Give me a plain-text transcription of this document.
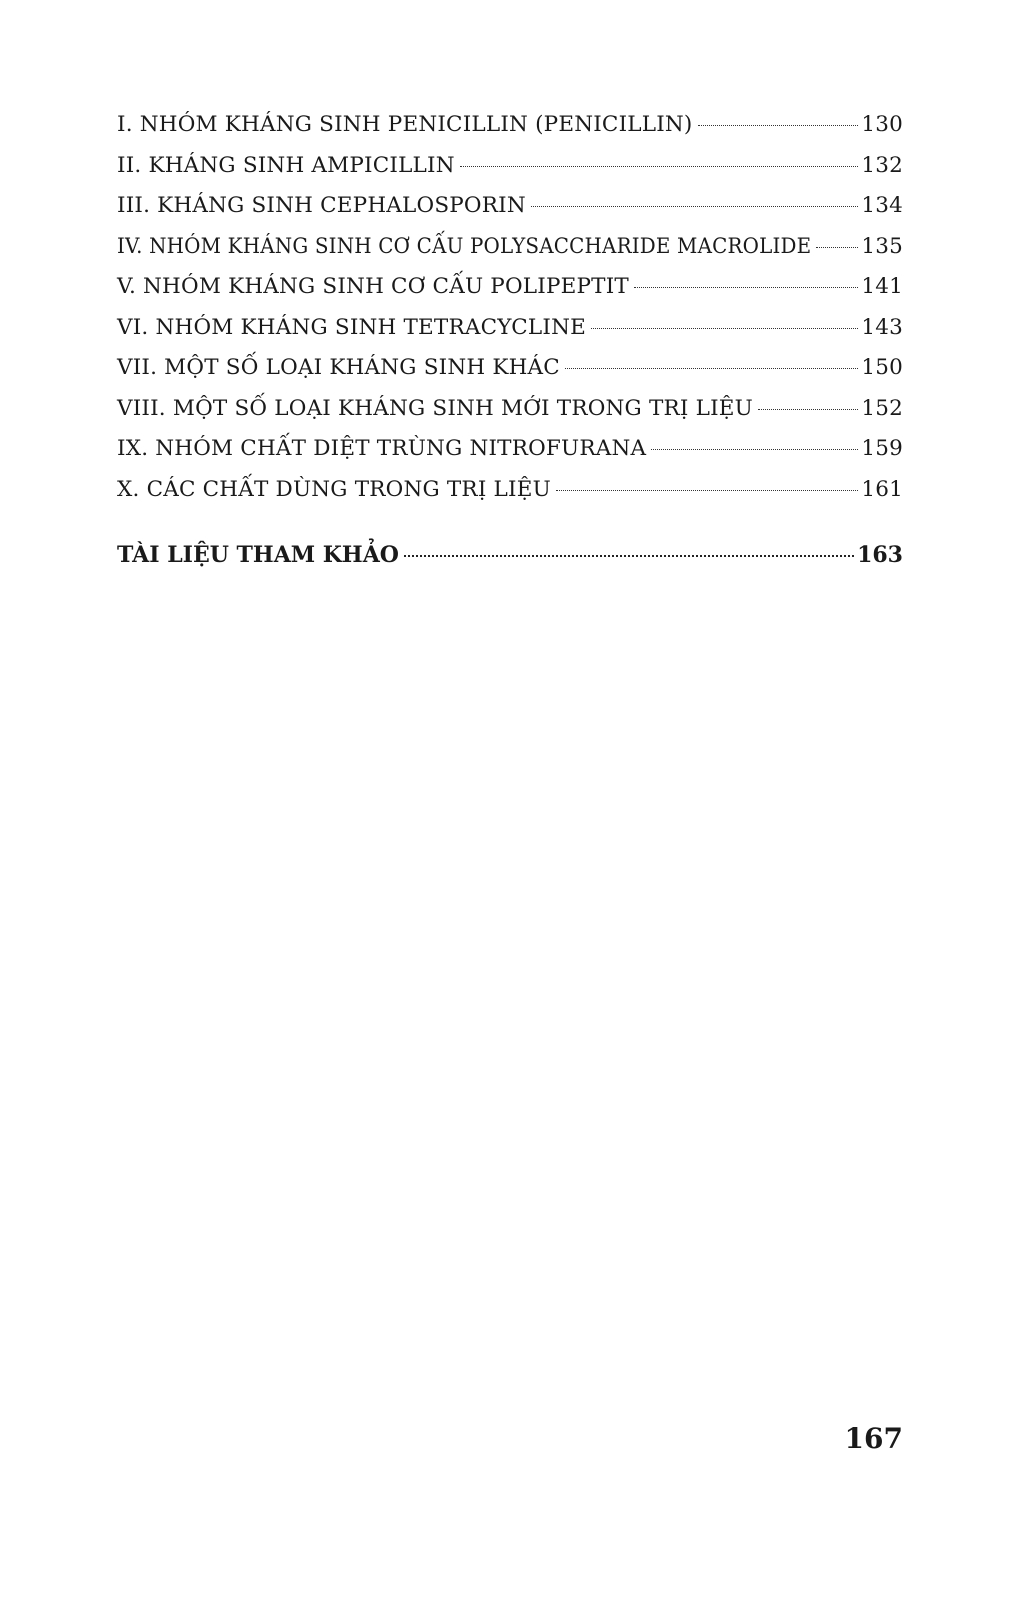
I. NHÓM KHÁNG SINH PENICILLIN (PENICILLIN)	130
II. KHÁNG SINH AMPICILLIN	132
III. KHÁNG SINH CEPHALOSPORIN	134
IV. NHÓM KHÁNG SINH CƠ CẤU POLYSACCHARIDE MACROLIDE 135
V. NHÓM KHÁNG SINH CƠ CẤU POLIPEPTIT	141
VI. NHÓM KHÁNG SINH TETRACYCLINE	143
VII. MỘT SỐ LOẠI KHÁNG SINH KHÁC	150
VIII. MỘT SỐ LOẠI KHÁNG SINH MỚI TRONG TRỊ LIỆU	152
IX. NHÓM CHẤT DIỆT TRÙNG NITROFURANA	159
X. CÁC CHẤT DÙNG TRONG TRỊ LIỆU	161
TÀI LIỆU THAM KHẢO	163
167
